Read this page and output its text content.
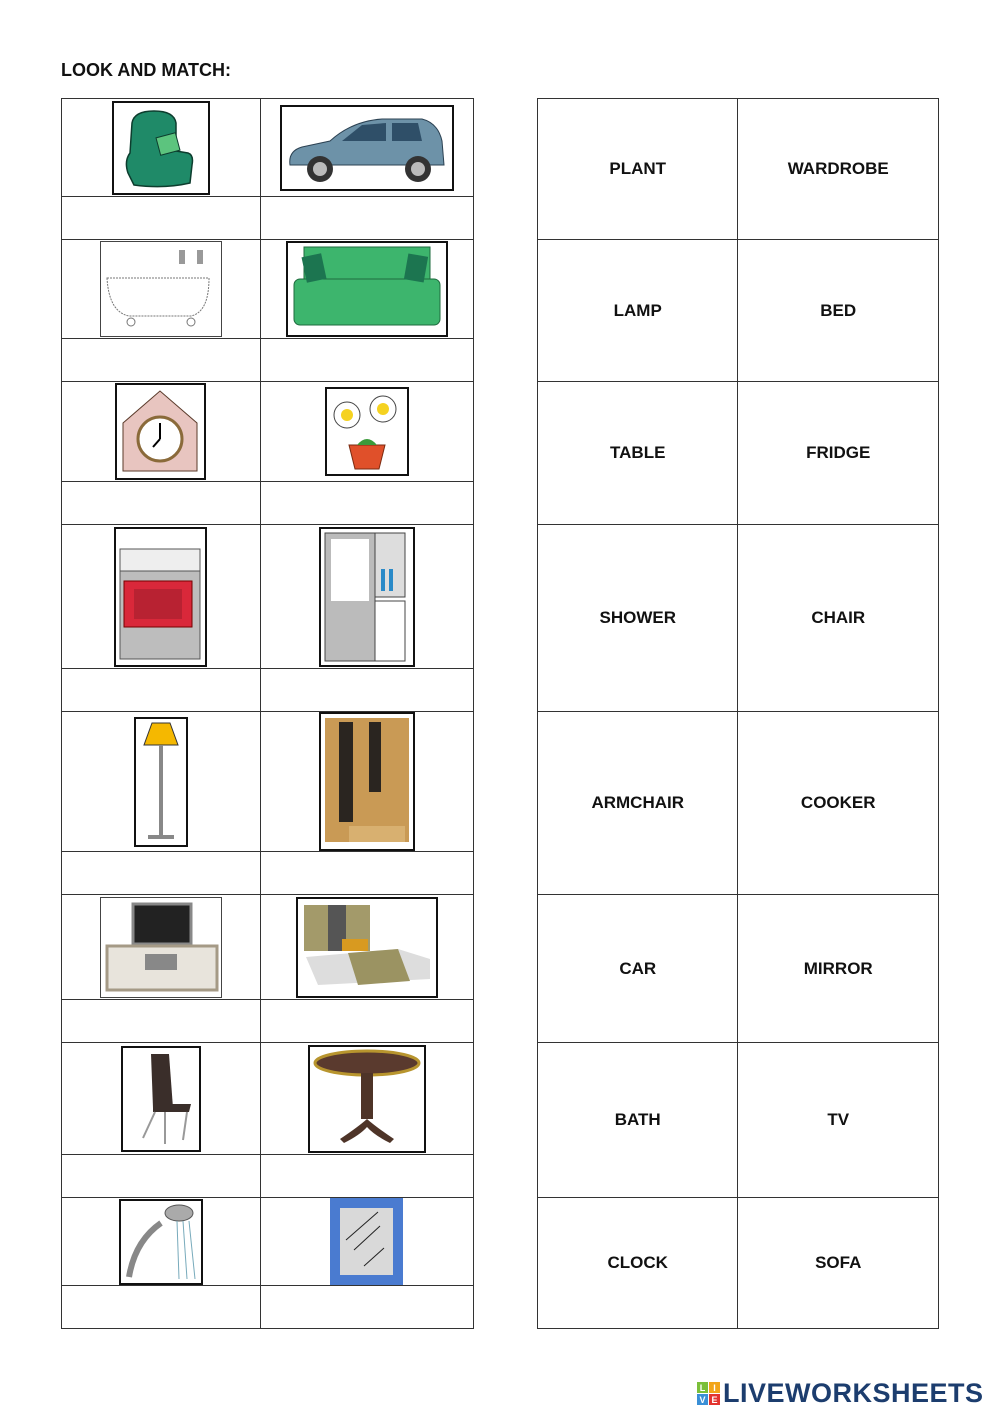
LOOK AND MATCH:

PLANT	WARDROBE
LAMP	BED
TABLE	FRIDGE
SHOWER	CHAIR
ARMCHAIR	COOKER
CAR	MIRROR
BATH	TV
CLOCK	SOFA
L I
V E LIVEWORKSHEETS
